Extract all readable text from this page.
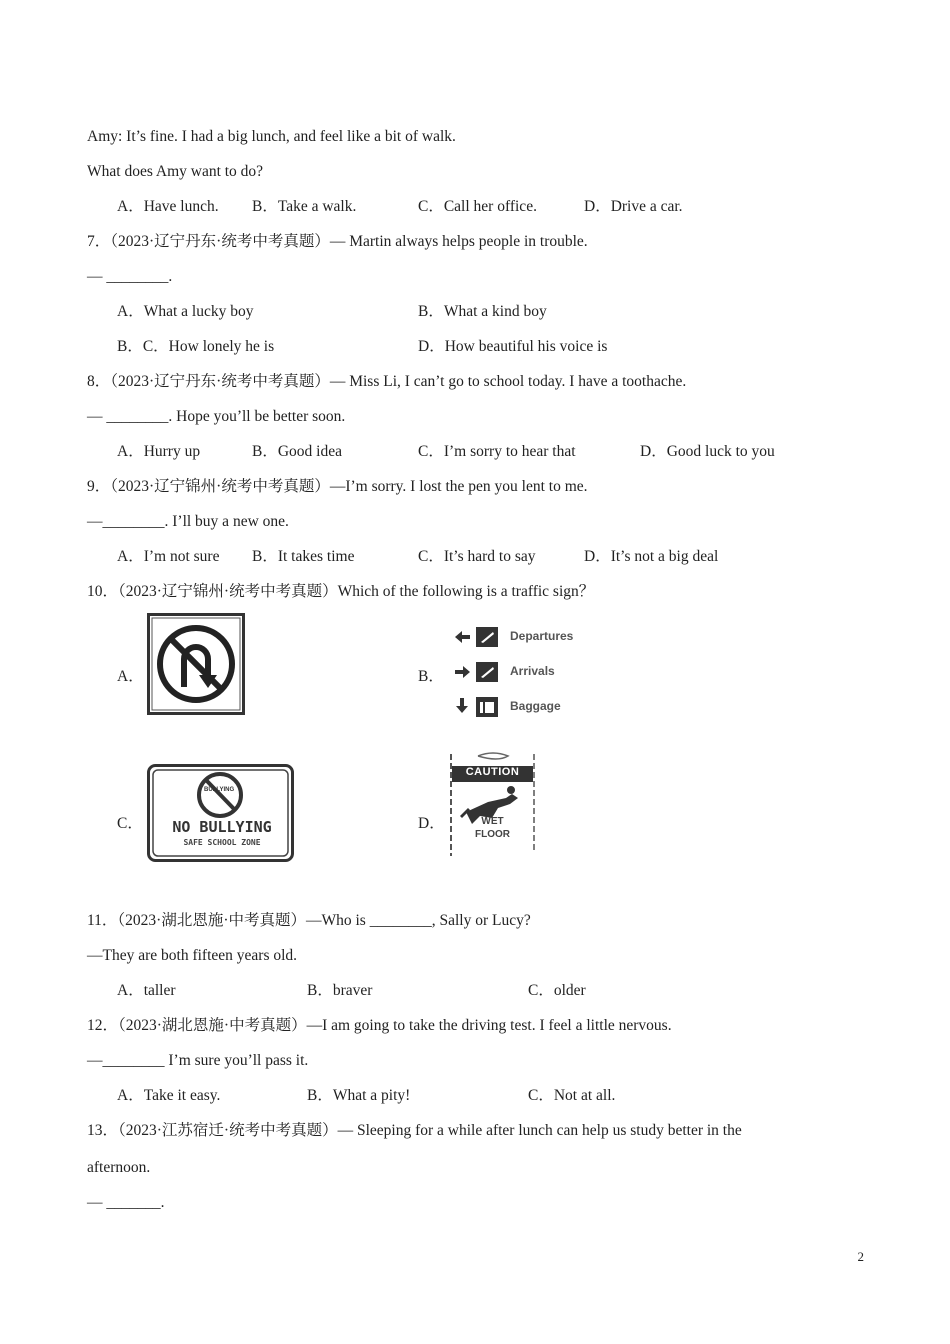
Amy: It’s fine. I had a big lunch, and feel like a bit of walk.
What does Amy want to do?
A．Have lunch. B．Take a walk.	C．Call her office.	D．Drive a car.
7．（2023·辽宁丹东·统考中考真题）— Martin always helps people in trouble.
— ________.
A．What a lucky boy	B．What a kind boy
B．C．How lonely he is	D．How beautiful his voice is
8．（2023·辽宁丹东·统考中考真题）— Miss Li, I can’t go to school today. I have a toothache.
— ________. Hope you’ll be better soon.
A．Hurry up	B．Good idea	C．I’m sorry to hear that	D．Good luck to you
9．（2023·辽宁锦州·统考中考真题）—I’m sorry. I lost the pen you lent to me.
—________. I’ll buy a new one.
A．I’m not sure B．It takes time	C．It’s hard to say	D．It’s not a big deal
10．（2023·辽宁锦州·统考中考真题）Which of the following is a traffic sign？
A．	B．
C．	D．
Departures
Arrivals
Baggage
BULLYING
NO BULLYING
SAFE SCHOOL ZONE
CAUTION
WET
FLOOR
11．（2023·湖北恩施·中考真题）—Who is ________, Sally or Lucy?
—They are both fifteen years old.
A．taller	B．braver	C．older
12．（2023·湖北恩施·中考真题）—I am going to take the driving test. I feel a little nervous.
—________ I’m sure you’ll pass it.
A．Take it easy.	B．What a pity!	C．Not at all.
13．（2023·江苏宿迁·统考中考真题）— Sleeping for a while after lunch can help us study better in the
afternoon.
— _______.
2
